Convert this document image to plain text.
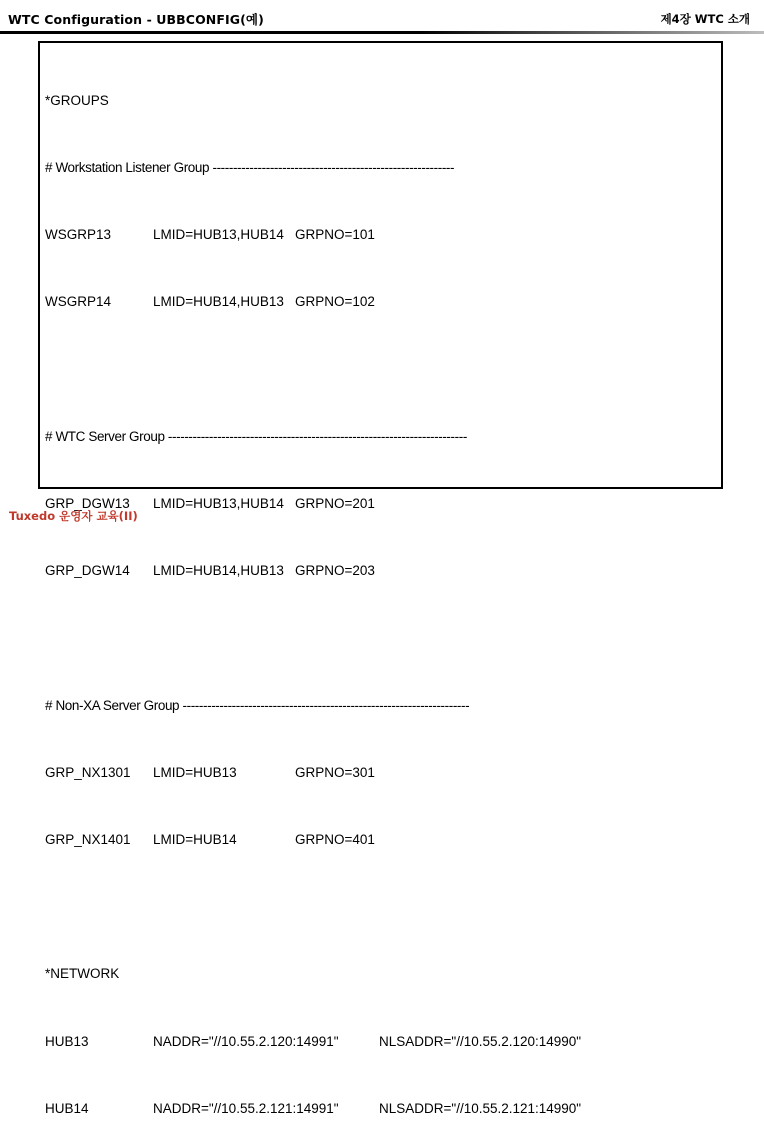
WTC Configuration - UBBCONFIG(예)	제4장 WTC 소개

*GROUPS

# Workstation Listener Group -----------------------------------------------------------

WSGRP13	LMID=HUB13,HUB14 GRPNO=101

WSGRP14	LMID=HUB14,HUB13 GRPNO=102

# WTC Server Group -------------------------------------------------------------------------

GRP_DGW13 LMID=HUB13,HUB14 GRPNO=201

GRP_DGW14 LMID=HUB14,HUB13 GRPNO=203

# Non-XA Server Group ----------------------------------------------------------------------

GRP_NX1301 LMID=HUB13	GRPNO=301

GRP_NX1401 LMID=HUB14	GRPNO=401

*NETWORK

HUB13	NADDR="//10.55.2.120:14991"	NLSADDR="//10.55.2.120:14990"

HUB14	NADDR="//10.55.2.121:14991"	NLSADDR="//10.55.2.121:14990"

Tuxedo 운영자 교육(II)
